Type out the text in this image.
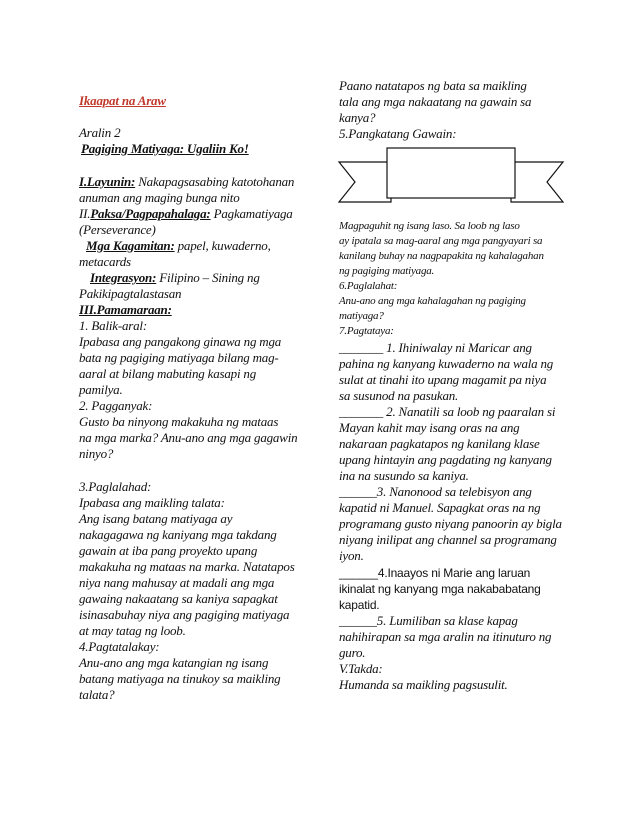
Ikaapat na Araw
Aralin 2
Pagiging Matiyaga: Ugaliin Ko!
I.Layunin: Nakapagsasabing katotohanan
anuman ang maging bunga nito
II.Paksa/Pagpapahalaga: Pagkamatiyaga
(Perseverance)
Mga Kagamitan: papel, kuwaderno,
metacards
Integrasyon: Filipino – Sining ng
Pakikipagtalastasan
III.Pamamaraan:
1. Balik-aral:
Ipabasa ang pangakong ginawa ng mga
bata ng pagiging matiyaga bilang mag-
aaral at bilang mabuting kasapi ng
pamilya.
2. Pagganyak:
Gusto ba ninyong makakuha ng mataas
na mga marka? Anu-ano ang mga gagawin
ninyo?
3.Paglalahad:
Ipabasa ang maikling talata:
Ang isang batang matiyaga ay
nakagagawa ng kaniyang mga takdang
gawain at iba pang proyekto upang
makakuha ng mataas na marka. Natatapos
niya nang mahusay at madali ang mga
gawaing nakaatang sa kaniya sapagkat
isinasabuhay niya ang pagiging matiyaga
at may tatag ng loob.
4.Pagtatalakay:
Anu-ano ang mga katangian ng isang
batang matiyaga na tinukoy sa maikling
talata?
Paano natatapos ng bata sa maikling
tala ang mga nakaatang na gawain sa
kanya?
5.Pangkatang Gawain:
Magpaguhit ng isang laso. Sa loob ng laso
ay ipatala sa mag-aaral ang mga pangyayari sa
kanilang buhay na nagpapakita ng kahalagahan
ng pagiging matiyaga.
6.Paglalahat:
Anu-ano ang mga kahalagahan ng pagiging
matiyaga?
7.Pagtataya:
_______ 1. Ihiniwalay ni Maricar ang
pahina ng kanyang kuwaderno na wala ng
sulat at tinahi ito upang magamit pa niya
sa susunod na pasukan.
_______ 2. Nanatili sa loob ng paaralan si
Mayan kahit may isang oras na ang
nakaraan pagkatapos ng kanilang klase
upang hintayin ang pagdating ng kanyang
ina na susundo sa kaniya.
______3. Nanonood sa telebisyon ang
kapatid ni Manuel. Sapagkat oras na ng
programang gusto niyang panoorin ay bigla
niyang inilipat ang channel sa programang
iyon.
______4.Inaayos ni Marie ang laruan
ikinalat ng kanyang mga nakababatang
kapatid.
______5. Lumiliban sa klase kapag
nahihirapan sa mga aralin na itinuturo ng
guro.
V.Takda:
Humanda sa maikling pagsusulit.
